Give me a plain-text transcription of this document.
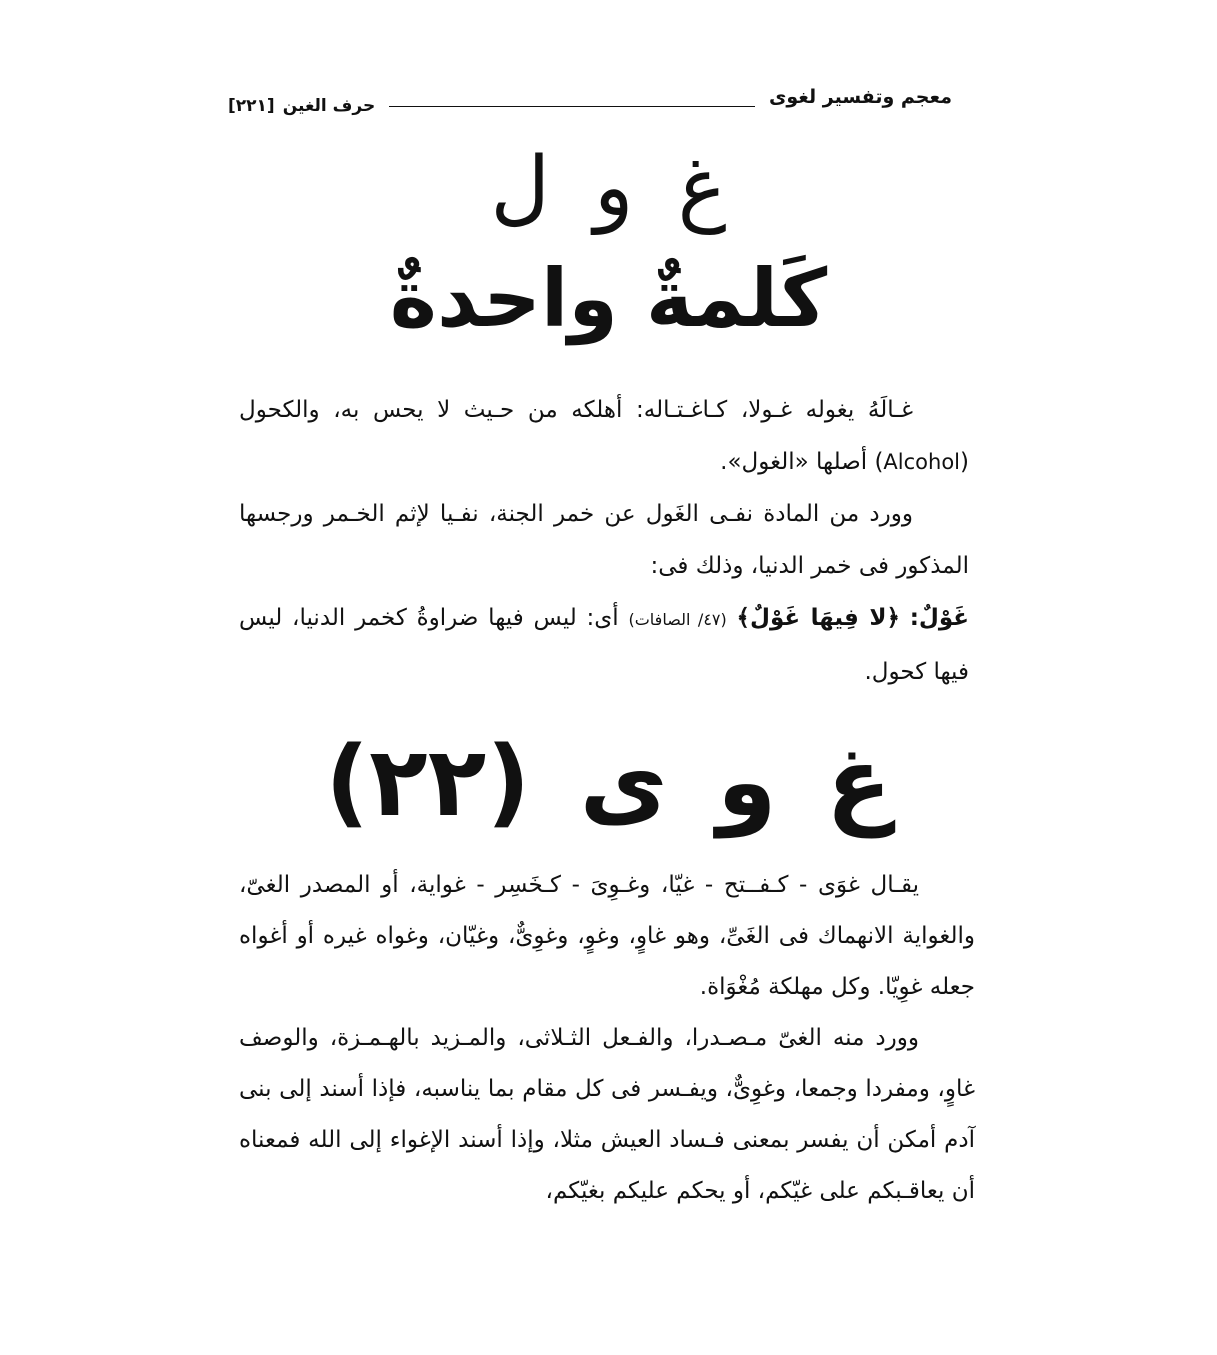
معجم وتفسير لغوى
حرف الغين
[٢٢١]
غ و ل
كَلمةٌ واحدةٌ

غـالَهُ يغوله غـولا، كـاغـتـاله: أهلكه من حـيث لا يحس به، والكحول (Alcohol) أصلها «الغول».

وورد من المادة نفـى الغَول عن خمر الجنة، نفـيا لإثم الخـمر ورجسها المذكور فى خمر الدنيا، وذلك فى:

غَوْلٌ: ﴿لا فِيهَا غَوْلٌ﴾ (٤٧/ الصافات) أى: ليس فيها ضراوةُ كخمر الدنيا، ليس فيها كحول.

غ و ى (٢٢)

يقـال غوَى - كـفــتح - غيّا، وغـوِىَ - كـخَسِر - غواية، أو المصدر الغىّ، والغواية الانهماك فى الغَىِّ، وهو غاوٍ، وغوٍ، وغوِىٌّ، وغيّان، وغواه غيره أو أغواه جعله غوِيّا. وكل مهلكة مُغْوَاة.

وورد منه الغىّ مـصـدرا، والفـعل الثـلاثى، والمـزيد بالهـمـزة، والوصف غاوٍ، ومفردا وجمعا، وغوِىٌّ، ويفـسر فى كل مقام بما يناسبه، فإذا أسند إلى بنى آدم أمكن أن يفسر بمعنى فـساد العيش مثلا، وإذا أسند الإغواء إلى الله فمعناه أن يعاقـبكم على غيّكم، أو يحكم عليكم بغيّكم،
